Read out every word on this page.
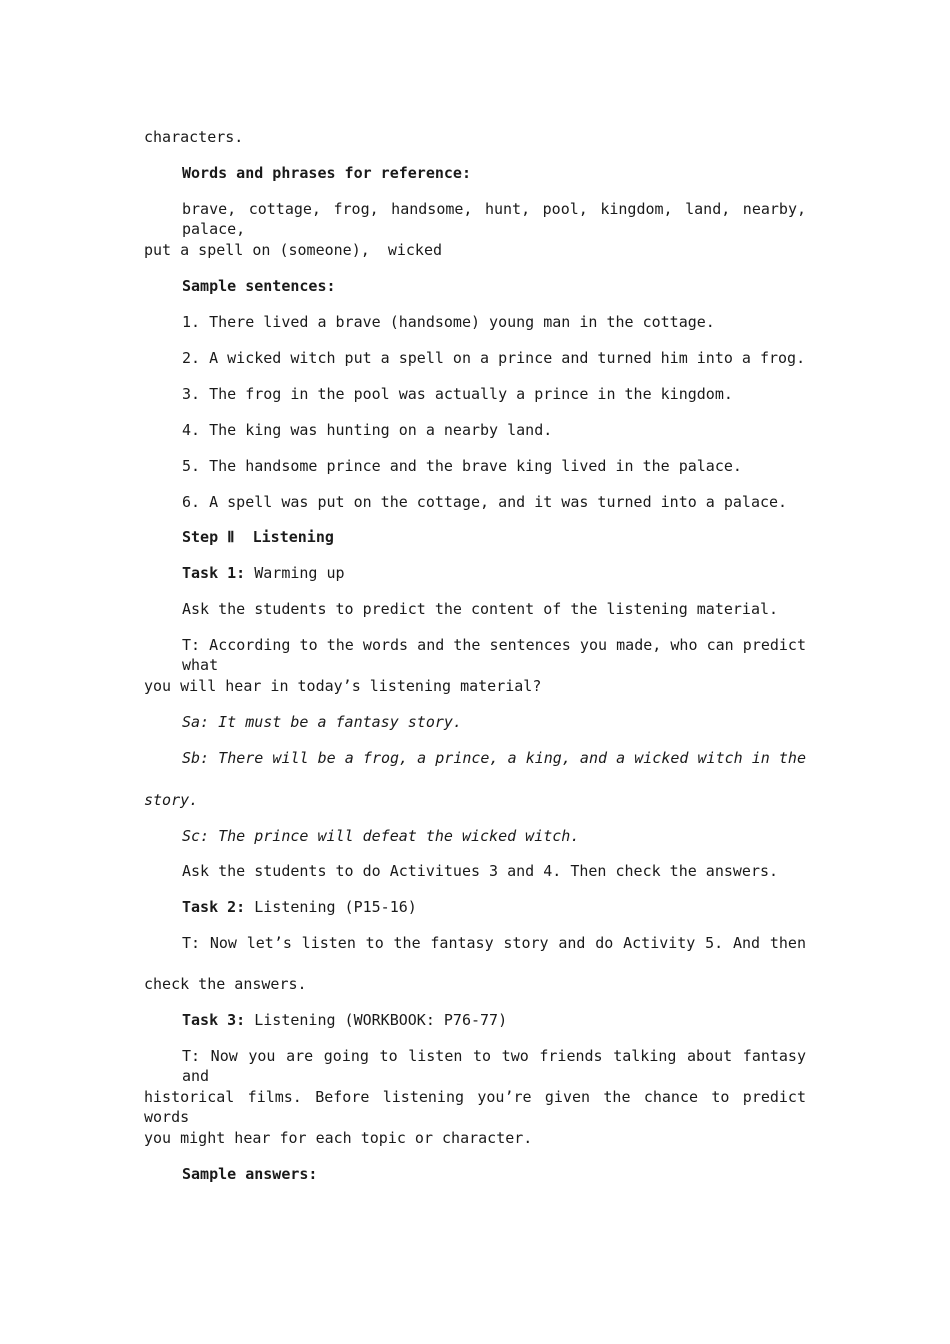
characters.
Words and phrases for reference:
brave, cottage, frog, handsome, hunt, pool, kingdom, land, nearby, palace,
put a spell on (someone),  wicked
Sample sentences:
1. There lived a brave (handsome) young man in the cottage.
2. A wicked witch put a spell on a prince and turned him into a frog.
3. The frog in the pool was actually a prince in the kingdom.
4. The king was hunting on a nearby land.
5. The handsome prince and the brave king lived in the palace.
6. A spell was put on the cottage, and it was turned into a palace.
Step Ⅱ  Listening
Task 1: Warming up
Ask the students to predict the content of the listening material.
T: According to the words and the sentences you made, who can predict what
you will hear in today’s listening material?
Sa: It must be a fantasy story.
Sb: There will be a frog, a prince, a king, and a wicked witch in the
story.
Sc: The prince will defeat the wicked witch.
Ask the students to do Activitues 3 and 4. Then check the answers.
Task 2: Listening (P15-16)
T: Now let’s listen to the fantasy story and do Activity 5. And then
check the answers.
Task 3: Listening (WORKBOOK: P76-77)
T: Now you are going to listen to two friends talking about fantasy and
historical films. Before listening you’re given the chance to predict words
you might hear for each topic or character.
Sample answers:
